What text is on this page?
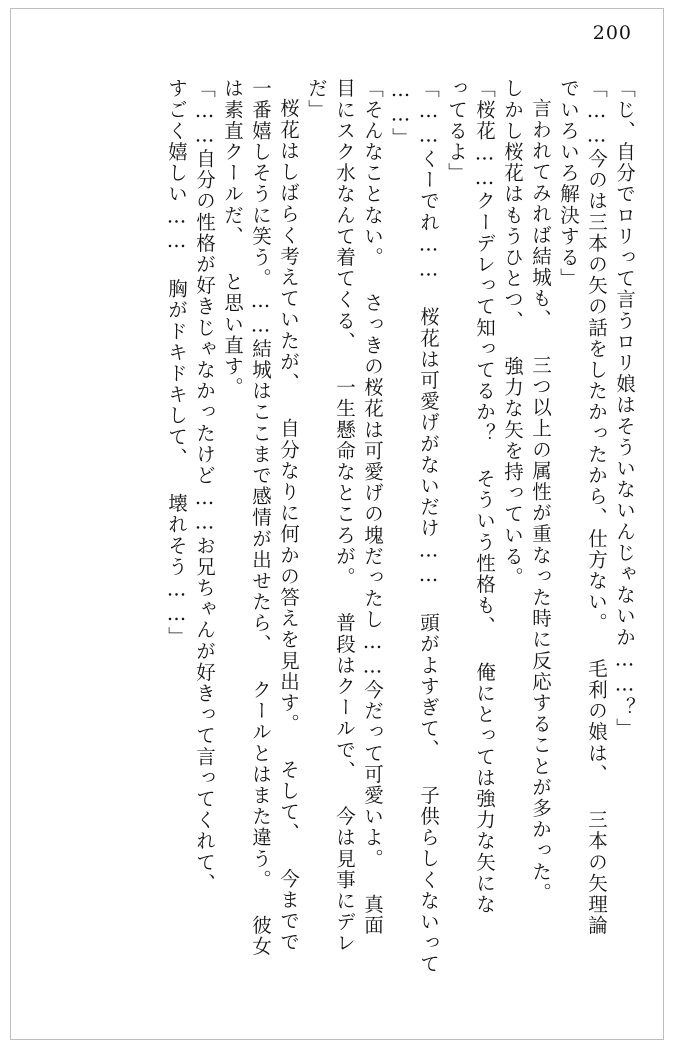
200
「じ、自分でロリって言うロリ娘はそういないんじゃないか……？」
「……今のは三本の矢の話をしたかったから、仕方ない。 毛利の娘は、 三本の矢理論
でいろいろ解決する」
言われてみれば結城も、 三つ以上の属性が重なった時に反応することが多かった。
しかし桜花はもうひとつ、 強力な矢を持っている。
「桜花……クーデレって知ってるか？ そういう性格も、 俺にとっては強力な矢にな
ってるよ」
「……くーでれ…… 桜花は可愛げがないだけ…… 頭がよすぎて、 子供らしくないって
……」
「そんなことない。 さっきの桜花は可愛げの塊だったし……今だって可愛いよ。 真面
目にスク水なんて着てくる、 一生懸命なところが。 普段はクールで、 今は見事にデレ
だ」
桜花はしばらく考えていたが、 自分なりに何かの答えを見出す。 そして、 今までで
一番嬉しそうに笑う。……結城はここまで感情が出せたら、 クールとはまた違う。 彼女
は素直クールだ、 と思い直す。
「……自分の性格が好きじゃなかったけど……お兄ちゃんが好きって言ってくれて、
すごく嬉しい…… 胸がドキドキして、 壊れそう……」
